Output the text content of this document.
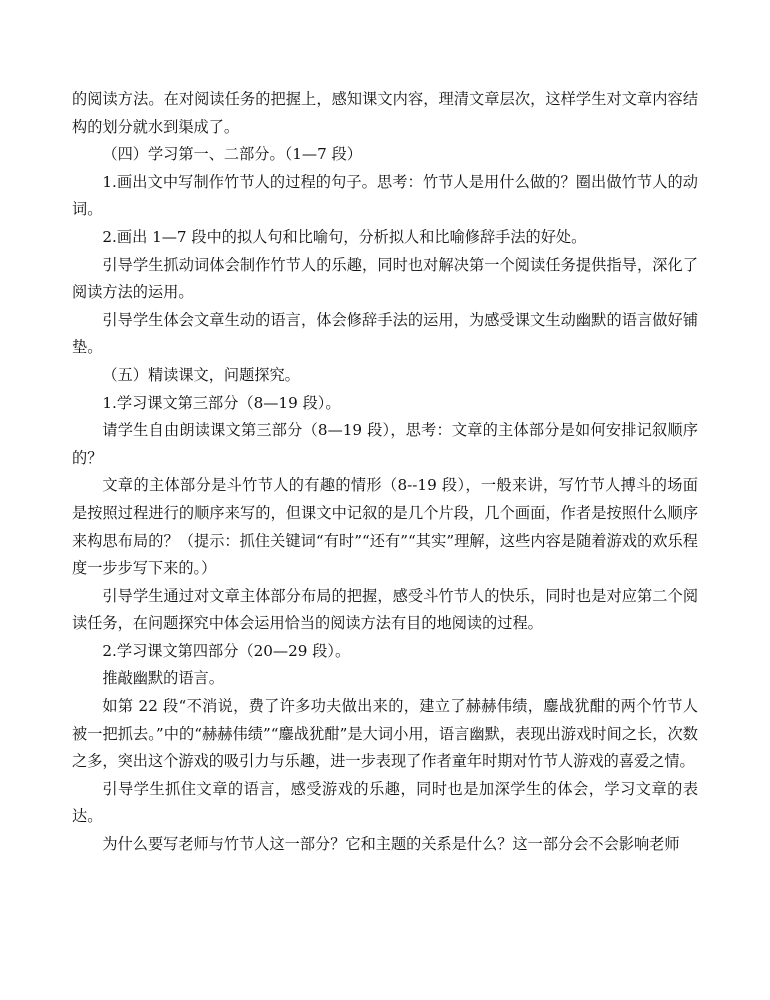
的阅读方法。在对阅读任务的把握上，感知课文内容，理清文章层次，这样学生对文章内容结构的划分就水到渠成了。

（四）学习第一、二部分。（1—7 段）

1.画出文中写制作竹节人的过程的句子。思考：竹节人是用什么做的？圈出做竹节人的动词。

2.画出 1—7 段中的拟人句和比喻句，分析拟人和比喻修辞手法的好处。

引导学生抓动词体会制作竹节人的乐趣，同时也对解决第一个阅读任务提供指导，深化了阅读方法的运用。

引导学生体会文章生动的语言，体会修辞手法的运用，为感受课文生动幽默的语言做好铺垫。

（五）精读课文，问题探究。

1.学习课文第三部分（8—19 段）。

请学生自由朗读课文第三部分（8—19 段），思考：文章的主体部分是如何安排记叙顺序的？

文章的主体部分是斗竹节人的有趣的情形（8--19 段），一般来讲，写竹节人搏斗的场面是按照过程进行的顺序来写的，但课文中记叙的是几个片段，几个画面，作者是按照什么顺序来构思布局的？（提示：抓住关键词“有时”“还有”“其实”理解，这些内容是随着游戏的欢乐程度一步步写下来的。）

引导学生通过对文章主体部分布局的把握，感受斗竹节人的快乐，同时也是对应第二个阅读任务，在问题探究中体会运用恰当的阅读方法有目的地阅读的过程。

2.学习课文第四部分（20—29 段）。

推敲幽默的语言。

如第 22 段“不消说，费了许多功夫做出来的，建立了赫赫伟绩，鏖战犹酣的两个竹节人被一把抓去。”中的“赫赫伟绩”“鏖战犹酣”是大词小用，语言幽默，表现出游戏时间之长，次数之多，突出这个游戏的吸引力与乐趣，进一步表现了作者童年时期对竹节人游戏的喜爱之情。

引导学生抓住文章的语言，感受游戏的乐趣，同时也是加深学生的体会，学习文章的表达。

为什么要写老师与竹节人这一部分？它和主题的关系是什么？这一部分会不会影响老师
